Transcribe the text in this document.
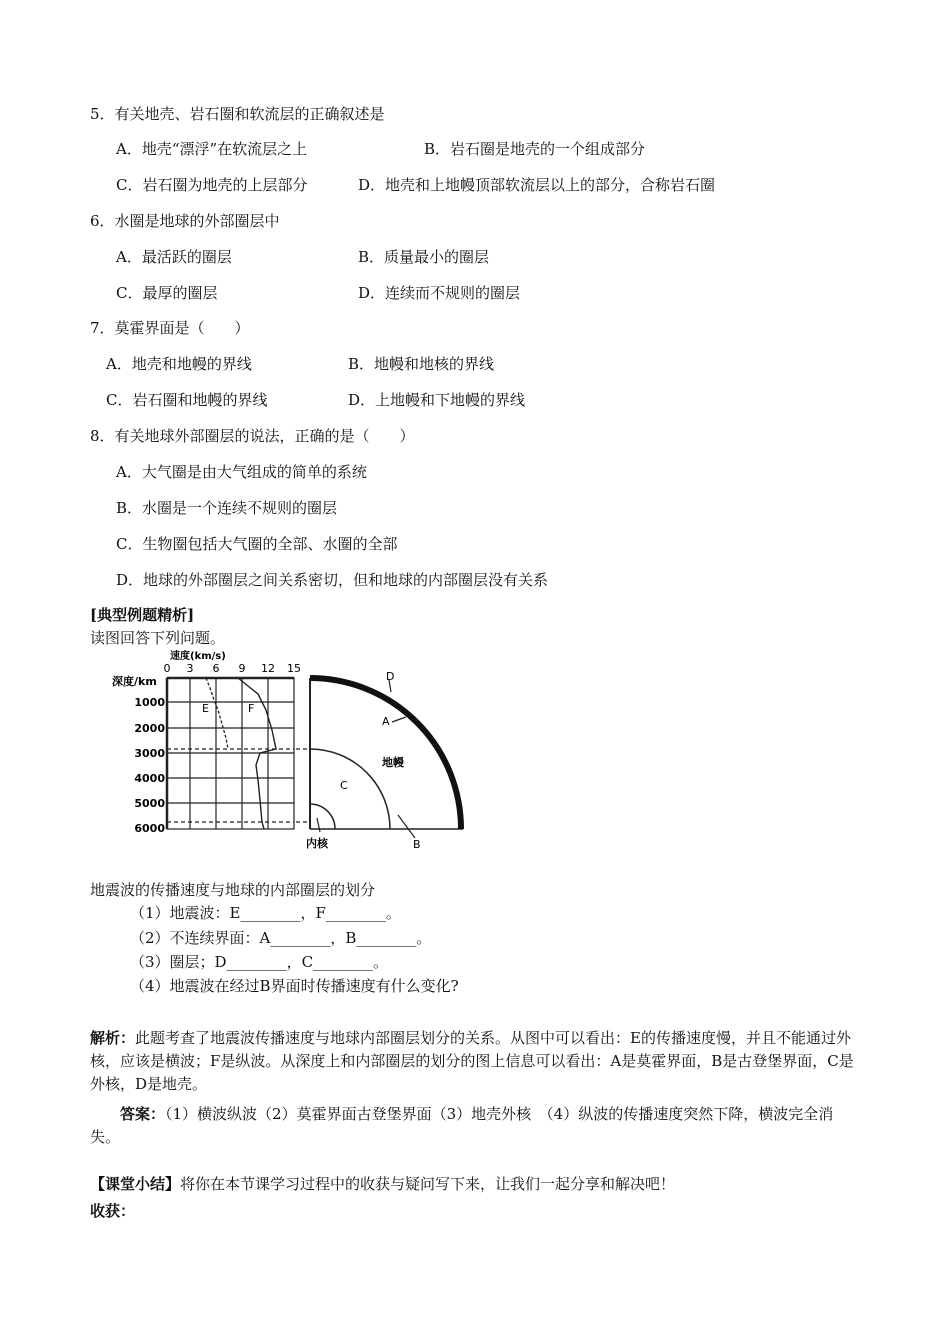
5．有关地壳、岩石圈和软流层的正确叙述是
A．地壳“漂浮”在软流层之上	B．岩石圈是地壳的一个组成部分
C．岩石圈为地壳的上层部分	D．地壳和上地幔顶部软流层以上的部分，合称岩石圈
6．水圈是地球的外部圈层中
A．最活跃的圈层	B．质量最小的圈层
C．最厚的圈层	D．连续而不规则的圈层
7．莫霍界面是（　　）
A．地壳和地幔的界线	B．地幔和地核的界线
C．岩石圈和地幔的界线	D．上地幔和下地幔的界线
8．有关地球外部圈层的说法，正确的是（　　）
A．大气圈是由大气组成的简单的系统
B．水圈是一个连续不规则的圈层
C．生物圈包括大气圈的全部、水圈的全部
D．地球的外部圈层之间关系密切，但和地球的内部圈层没有关系
[典型例题精析]
读图回答下列问题。
速度(km/s)
深度/km
0 3 6 9 12 15
1000
2000
3000
4000
5000
6000
E	F
D
A
地幔
C
内核	B
地震波的传播速度与地球的内部圈层的划分
（1）地震波：E________，F________。
（2）不连续界面：A________，B________。
（3）圈层；D________，C________。
（4）地震波在经过B界面时传播速度有什么变化?
解析：此题考查了地震波传播速度与地球内部圈层划分的关系。从图中可以看出：E的传播速度慢，并且不能通过外核，应该是横波；F是纵波。从深度上和内部圈层的划分的图上信息可以看出：A是莫霍界面，B是古登堡界面，C是外核，D是地壳。
答案：（1）横波纵波（2）莫霍界面古登堡界面（3）地壳外核　（4）纵波的传播速度突然下降，横波完全消失。
【课堂小结】将你在本节课学习过程中的收获与疑问写下来，让我们一起分享和解决吧！
收获：
